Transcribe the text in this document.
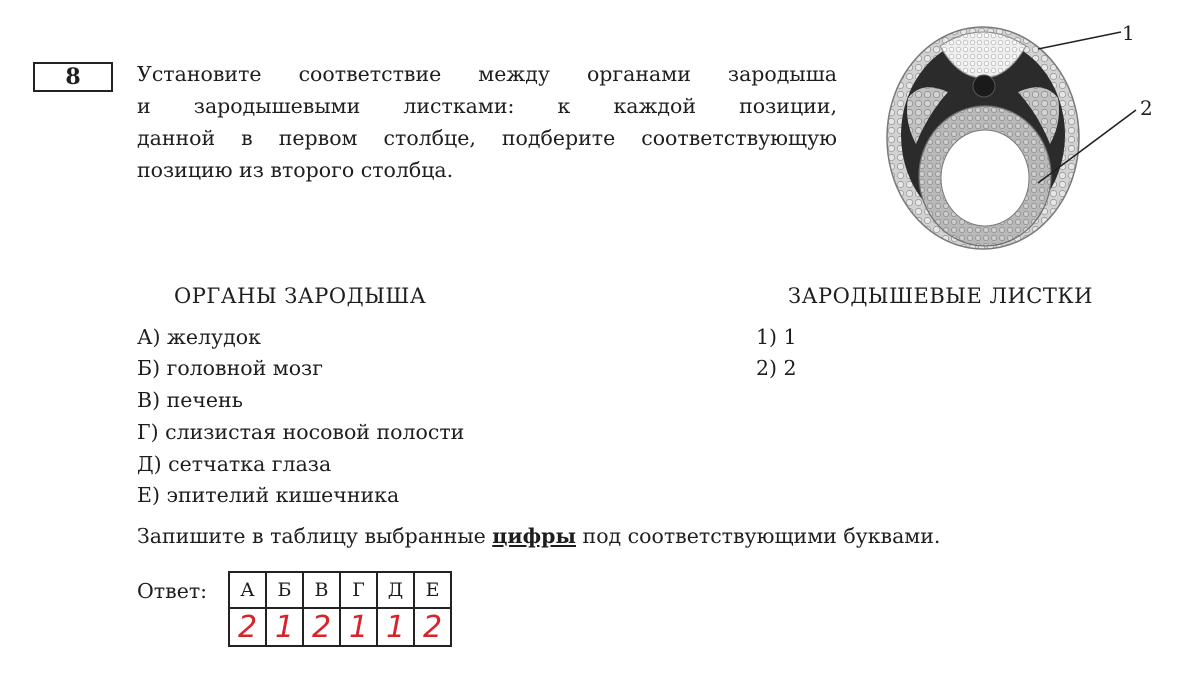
8	Установите соответствие между органами зародыша
и зародышевыми листками: к каждой позиции,
данной в первом столбце, подберите соответствующую
позицию из второго столбца.
1
2
ОРГАНЫ ЗАРОДЫША	ЗАРОДЫШЕВЫЕ ЛИСТКИ
А) желудок
Б) головной мозг
В) печень
Г) слизистая носовой полости
Д) сетчатка глаза
Е) эпителий кишечника
1) 1
2) 2
Запишите в таблицу выбранные цифры под соответствующими буквами.
Ответ: А	Б	В	Г	Д	Е
2	1	2	1	1	2
